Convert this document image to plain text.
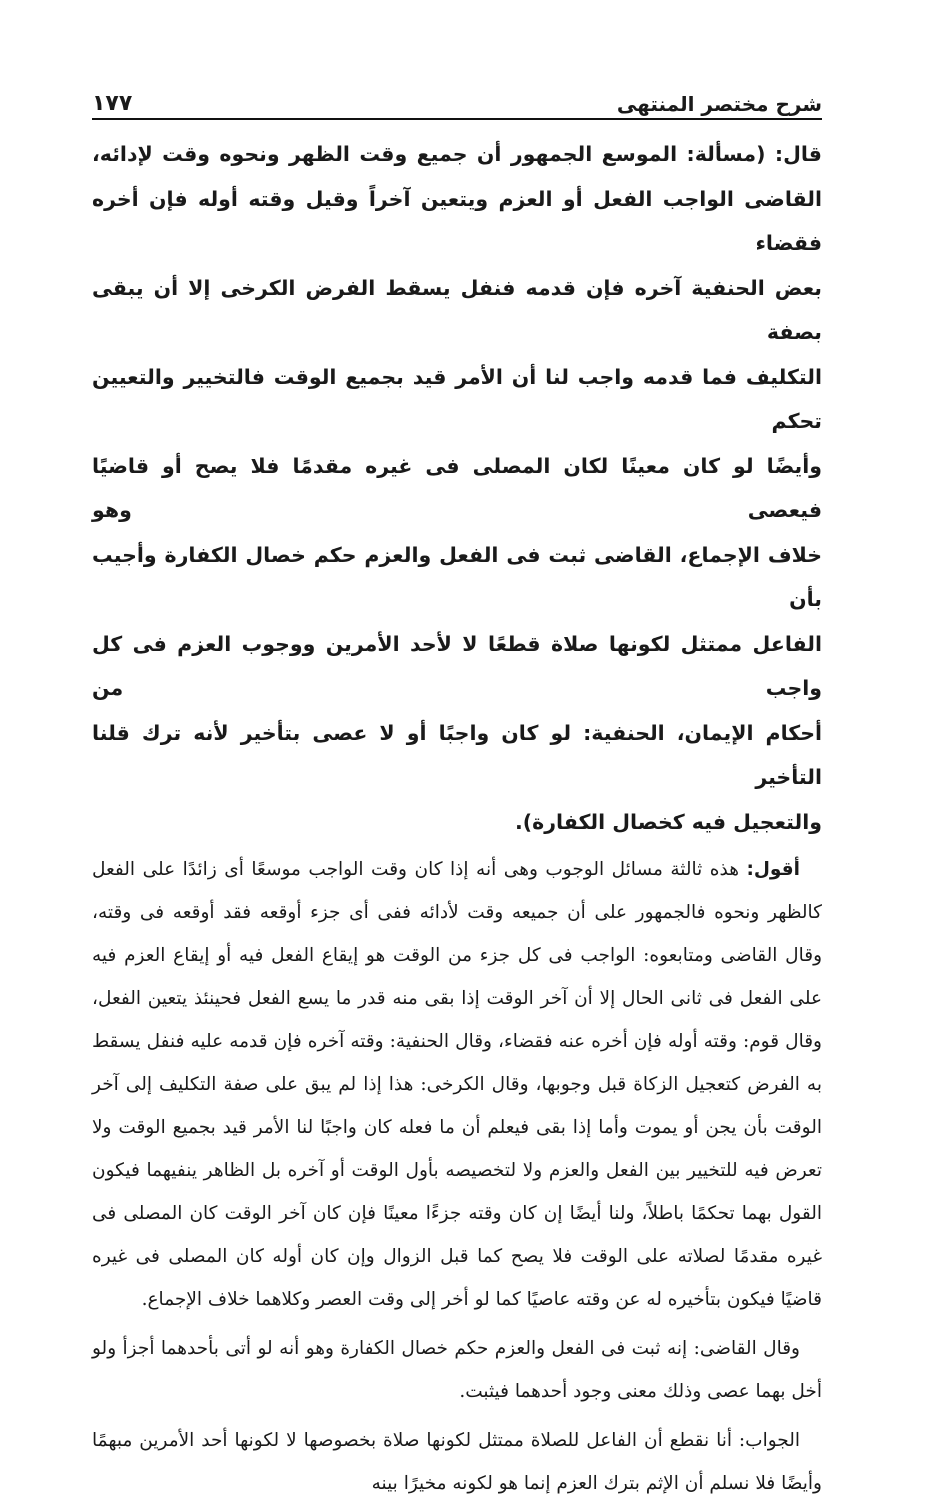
١٧٧	شرح مختصر المنتهى

قال: (مسألة: الموسع الجمهور أن جميع وقت الظهر ونحوه وقت لإدائه،

القاضى الواجب الفعل أو العزم ويتعين آخراً وقيل وقته أوله فإن أخره فقضاء

بعض الحنفية آخره فإن قدمه فنفل يسقط الفرض الكرخى إلا أن يبقى بصفة

التكليف فما قدمه واجب لنا أن الأمر قيد بجميع الوقت فالتخيير والتعيين تحكم

وأيضًا لو كان معينًا لكان المصلى فى غيره مقدمًا فلا يصح أو قاضيًا فيعصى وهو

خلاف الإجماع، القاضى ثبت فى الفعل والعزم حكم خصال الكفارة وأجيب بأن

الفاعل ممتثل لكونها صلاة قطعًا لا لأحد الأمرين ووجوب العزم فى كل واجب من

أحكام الإيمان، الحنفية: لو كان واجبًا أو لا عصى بتأخير لأنه ترك قلنا التأخير

والتعجيل فيه كخصال الكفارة).

أقول: هذه ثالثة مسائل الوجوب وهى أنه إذا كان وقت الواجب موسعًا أى زائدًا على الفعل كالظهر ونحوه فالجمهور على أن جميعه وقت لأدائه ففى أى جزء أوقعه فقد أوقعه فى وقته، وقال القاضى ومتابعوه: الواجب فى كل جزء من الوقت هو إيقاع الفعل فيه أو إيقاع العزم فيه على الفعل فى ثانى الحال إلا أن آخر الوقت إذا بقى منه قدر ما يسع الفعل فحينئذ يتعين الفعل، وقال قوم: وقته أوله فإن أخره عنه فقضاء، وقال الحنفية: وقته آخره فإن قدمه عليه فنفل يسقط به الفرض كتعجيل الزكاة قبل وجوبها، وقال الكرخى: هذا إذا لم يبق على صفة التكليف إلى آخر الوقت بأن يجن أو يموت وأما إذا بقى فيعلم أن ما فعله كان واجبًا لنا الأمر قيد بجميع الوقت ولا تعرض فيه للتخيير بين الفعل والعزم ولا لتخصيصه بأول الوقت أو آخره بل الظاهر ينفيهما فيكون القول بهما تحكمًا باطلاً، ولنا أيضًا إن كان وقته جزءًا معينًا فإن كان آخر الوقت كان المصلى فى غيره مقدمًا لصلاته على الوقت فلا يصح كما قبل الزوال وإن كان أوله كان المصلى فى غيره قاضيًا فيكون بتأخيره له عن وقته عاصيًا كما لو أخر إلى وقت العصر وكلاهما خلاف الإجماع.

وقال القاضى: إنه ثبت فى الفعل والعزم حكم خصال الكفارة وهو أنه لو أتى بأحدهما أجزأ ولو أخل بهما عصى وذلك معنى وجود أحدهما فيثبت.

الجواب: أنا نقطع أن الفاعل للصلاة ممتثل لكونها صلاة بخصوصها لا لكونها أحد الأمرين مبهمًا وأيضًا فلا نسلم أن الإثم بترك العزم إنما هو لكونه مخيرًا بينه
